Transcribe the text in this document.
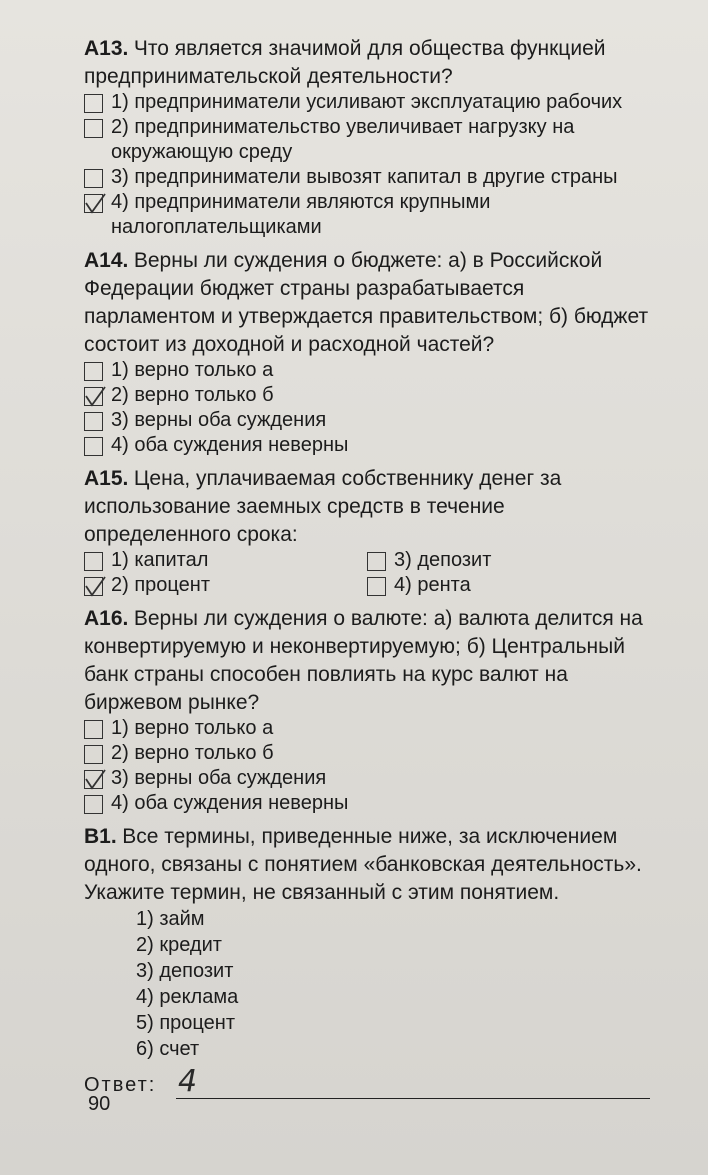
A13. Что является значимой для общества функцией предпринимательской деятельности?
1) предприниматели усиливают эксплуатацию рабочих
2) предпринимательство увеличивает нагрузку на окружающую среду
3) предприниматели вывозят капитал в другие страны
4) предприниматели являются крупными налогоплательщиками
A14. Верны ли суждения о бюджете: а) в Российской Федерации бюджет страны разрабатывается парламентом и утверждается правительством; б) бюджет состоит из доходной и расходной частей?
1) верно только а
2) верно только б
3) верны оба суждения
4) оба суждения неверны
A15. Цена, уплачиваемая собственнику денег за использование заемных средств в течение определенного срока:
1) капитал	3) депозит
2) процент	4) рента
A16. Верны ли суждения о валюте: а) валюта делится на конвертируемую и неконвертируемую; б) Центральный банк страны способен повлиять на курс валют на биржевом рынке?
1) верно только а
2) верно только б
3) верны оба суждения
4) оба суждения неверны
B1. Все термины, приведенные ниже, за исключением одного, связаны с понятием «банковская деятельность». Укажите термин, не связанный с этим понятием.
1) займ
2) кредит
3) депозит
4) реклама
5) процент
6) счет
Ответ: 4
90
